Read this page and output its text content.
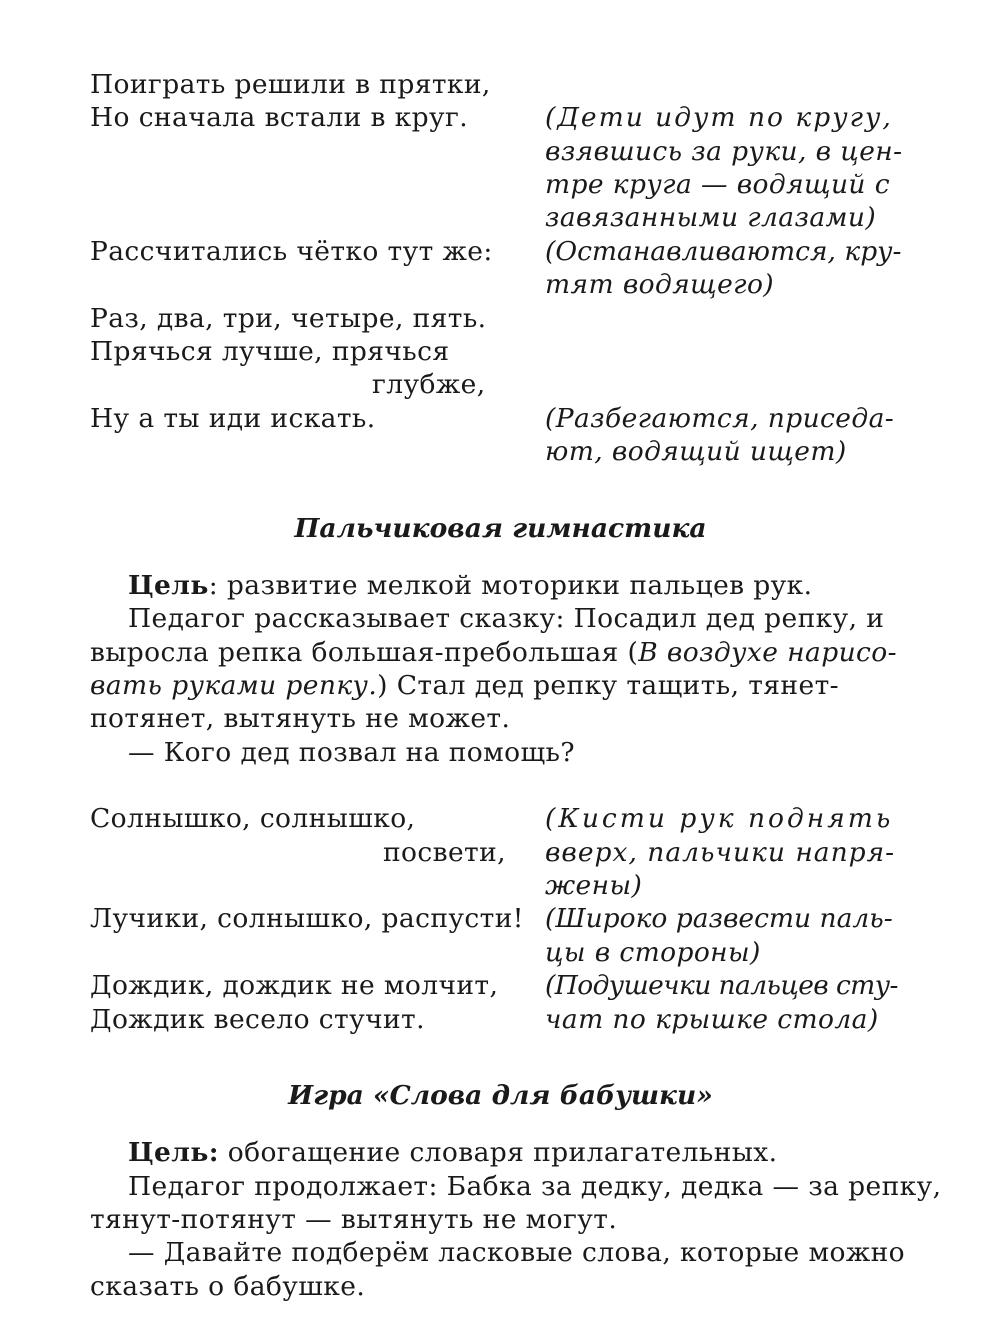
Поиграть решили в прятки,

Но сначала встали в круг.

Рассчитались чётко тут же:

Раз, два, три, четыре, пять.

Прячься лучше, прячься

глубже,

Ну а ты иди искать.

(Дети идут по кругу,

взявшись за руки, в цен-

тре круга — водящий с

завязанными глазами)

(Останавливаются, кру-

тят водящего)

(Разбегаются, приседа-

ют, водящий ищет)

Пальчиковая гимнастика

Цель: развитие мелкой моторики пальцев рук.

Педагог рассказывает сказку: Посадил дед репку, и

выросла репка большая-пребольшая (В воздухе нарисо-

вать руками репку.) Стал дед репку тащить, тянет-

потянет, вытянуть не может.

— Кого дед позвал на помощь?

Солнышко, солнышко,

посвети,

Лучики, солнышко, распусти!

Дождик, дождик не молчит,

Дождик весело стучит.

(Кисти рук поднять

вверх, пальчики напря-

жены)

(Широко развести паль-

цы в стороны)

(Подушечки пальцев сту-

чат по крышке стола)

Игра «Слова для бабушки»

Цель: обогащение словаря прилагательных.

Педагог продолжает: Бабка за дедку, дедка — за репку,

тянут-потянут — вытянуть не могут.

— Давайте подберём ласковые слова, которые можно

сказать о бабушке.
